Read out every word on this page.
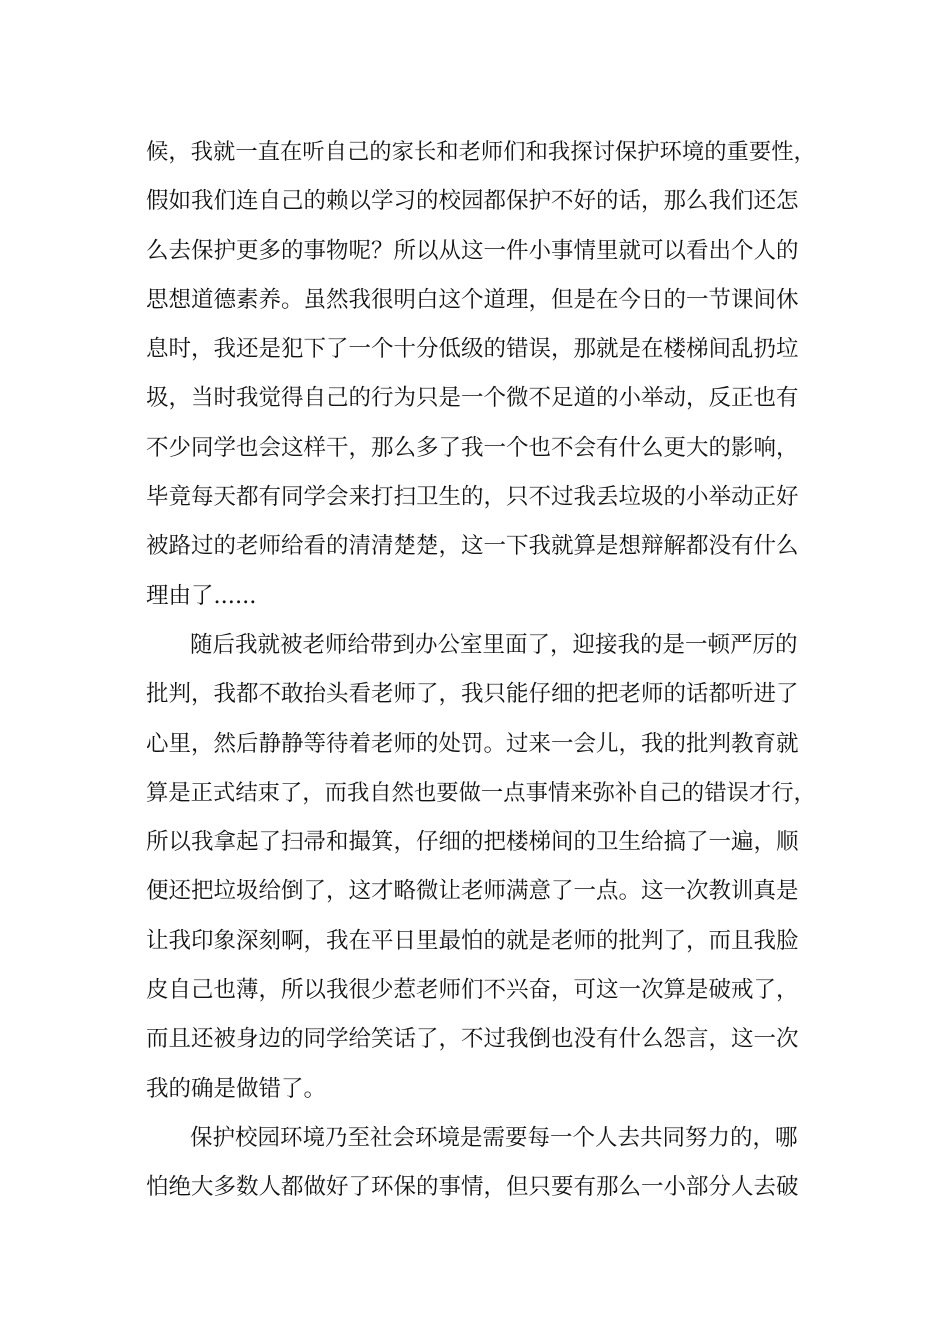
候，我就一直在听自己的家长和老师们和我探讨保护环境的重要性，
假如我们连自己的赖以学习的校园都保护不好的话，那么我们还怎
么去保护更多的事物呢？所以从这一件小事情里就可以看出个人的
思想道德素养。虽然我很明白这个道理，但是在今日的一节课间休
息时，我还是犯下了一个十分低级的错误，那就是在楼梯间乱扔垃
圾，当时我觉得自己的行为只是一个微不足道的小举动，反正也有
不少同学也会这样干，那么多了我一个也不会有什么更大的影响，
毕竟每天都有同学会来打扫卫生的，只不过我丢垃圾的小举动正好
被路过的老师给看的清清楚楚，这一下我就算是想辩解都没有什么
理由了......
随后我就被老师给带到办公室里面了，迎接我的是一顿严厉的
批判，我都不敢抬头看老师了，我只能仔细的把老师的话都听进了
心里，然后静静等待着老师的处罚。过来一会儿，我的批判教育就
算是正式结束了，而我自然也要做一点事情来弥补自己的错误才行，
所以我拿起了扫帚和撮箕，仔细的把楼梯间的卫生给搞了一遍，顺
便还把垃圾给倒了，这才略微让老师满意了一点。这一次教训真是
让我印象深刻啊，我在平日里最怕的就是老师的批判了，而且我脸
皮自己也薄，所以我很少惹老师们不兴奋，可这一次算是破戒了，
而且还被身边的同学给笑话了，不过我倒也没有什么怨言，这一次
我的确是做错了。
保护校园环境乃至社会环境是需要每一个人去共同努力的，哪
怕绝大多数人都做好了环保的事情，但只要有那么一小部分人去破
